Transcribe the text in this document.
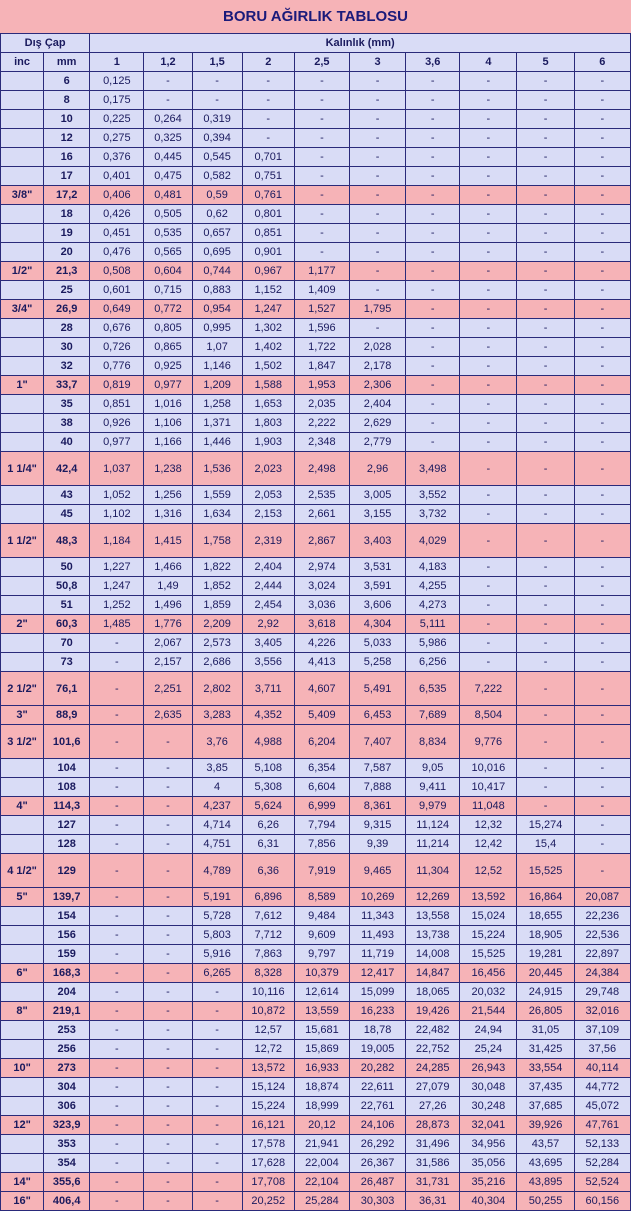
BORU AĞIRLIK TABLOSU
Dış Çap		Kalınlık (mm)									
inc	mm	1	1,2	1,5	2	2,5	3	3,6	4	5	6
	6	0,125	-	-	-	-	-	-	-	-	-
	8	0,175	-	-	-	-	-	-	-	-	-
	10	0,225	0,264	0,319	-	-	-	-	-	-	-
	12	0,275	0,325	0,394	-	-	-	-	-	-	-
	16	0,376	0,445	0,545	0,701	-	-	-	-	-	-
	17	0,401	0,475	0,582	0,751	-	-	-	-	-	-
3/8"	17,2	0,406	0,481	0,59	0,761	-	-	-	-	-	-
	18	0,426	0,505	0,62	0,801	-	-	-	-	-	-
	19	0,451	0,535	0,657	0,851	-	-	-	-	-	-
	20	0,476	0,565	0,695	0,901	-	-	-	-	-	-
1/2"	21,3	0,508	0,604	0,744	0,967	1,177	-	-	-	-	-
	25	0,601	0,715	0,883	1,152	1,409	-	-	-	-	-
3/4"	26,9	0,649	0,772	0,954	1,247	1,527	1,795	-	-	-	-
	28	0,676	0,805	0,995	1,302	1,596	-	-	-	-	-
	30	0,726	0,865	1,07	1,402	1,722	2,028	-	-	-	-
	32	0,776	0,925	1,146	1,502	1,847	2,178	-	-	-	-
1"	33,7	0,819	0,977	1,209	1,588	1,953	2,306	-	-	-	-
	35	0,851	1,016	1,258	1,653	2,035	2,404	-	-	-	-
	38	0,926	1,106	1,371	1,803	2,222	2,629	-	-	-	-
	40	0,977	1,166	1,446	1,903	2,348	2,779	-	-	-	-
1 1/4"	42,4	1,037	1,238	1,536	2,023	2,498	2,96	3,498	-	-	-
	43	1,052	1,256	1,559	2,053	2,535	3,005	3,552	-	-	-
	45	1,102	1,316	1,634	2,153	2,661	3,155	3,732	-	-	-
1 1/2"	48,3	1,184	1,415	1,758	2,319	2,867	3,403	4,029	-	-	-
	50	1,227	1,466	1,822	2,404	2,974	3,531	4,183	-	-	-
	50,8	1,247	1,49	1,852	2,444	3,024	3,591	4,255	-	-	-
	51	1,252	1,496	1,859	2,454	3,036	3,606	4,273	-	-	-
2"	60,3	1,485	1,776	2,209	2,92	3,618	4,304	5,111	-	-	-
	70	-	2,067	2,573	3,405	4,226	5,033	5,986	-	-	-
	73	-	2,157	2,686	3,556	4,413	5,258	6,256	-	-	-
2 1/2"	76,1	-	2,251	2,802	3,711	4,607	5,491	6,535	7,222	-	-
3"	88,9	-	2,635	3,283	4,352	5,409	6,453	7,689	8,504	-	-
3 1/2"	101,6	-	-	3,76	4,988	6,204	7,407	8,834	9,776	-	-
	104	-	-	3,85	5,108	6,354	7,587	9,05	10,016	-	-
	108	-	-	4	5,308	6,604	7,888	9,411	10,417	-	-
4"	114,3	-	-	4,237	5,624	6,999	8,361	9,979	11,048	-	-
	127	-	-	4,714	6,26	7,794	9,315	11,124	12,32	15,274	-
	128	-	-	4,751	6,31	7,856	9,39	11,214	12,42	15,4	-
4 1/2"	129	-	-	4,789	6,36	7,919	9,465	11,304	12,52	15,525	-
5"	139,7	-	-	5,191	6,896	8,589	10,269	12,269	13,592	16,864	20,087
	154	-	-	5,728	7,612	9,484	11,343	13,558	15,024	18,655	22,236
	156	-	-	5,803	7,712	9,609	11,493	13,738	15,224	18,905	22,536
	159	-	-	5,916	7,863	9,797	11,719	14,008	15,525	19,281	22,897
6"	168,3	-	-	6,265	8,328	10,379	12,417	14,847	16,456	20,445	24,384
	204	-	-	-	10,116	12,614	15,099	18,065	20,032	24,915	29,748
8"	219,1	-	-	-	10,872	13,559	16,233	19,426	21,544	26,805	32,016
	253	-	-	-	12,57	15,681	18,78	22,482	24,94	31,05	37,109
	256	-	-	-	12,72	15,869	19,005	22,752	25,24	31,425	37,56
10"	273	-	-	-	13,572	16,933	20,282	24,285	26,943	33,554	40,114
	304	-	-	-	15,124	18,874	22,611	27,079	30,048	37,435	44,772
	306	-	-	-	15,224	18,999	22,761	27,26	30,248	37,685	45,072
12"	323,9	-	-	-	16,121	20,12	24,106	28,873	32,041	39,926	47,761
	353	-	-	-	17,578	21,941	26,292	31,496	34,956	43,57	52,133
	354	-	-	-	17,628	22,004	26,367	31,586	35,056	43,695	52,284
14"	355,6	-	-	-	17,708	22,104	26,487	31,731	35,216	43,895	52,524
16"	406,4	-	-	-	20,252	25,284	30,303	36,31	40,304	50,255	60,156
